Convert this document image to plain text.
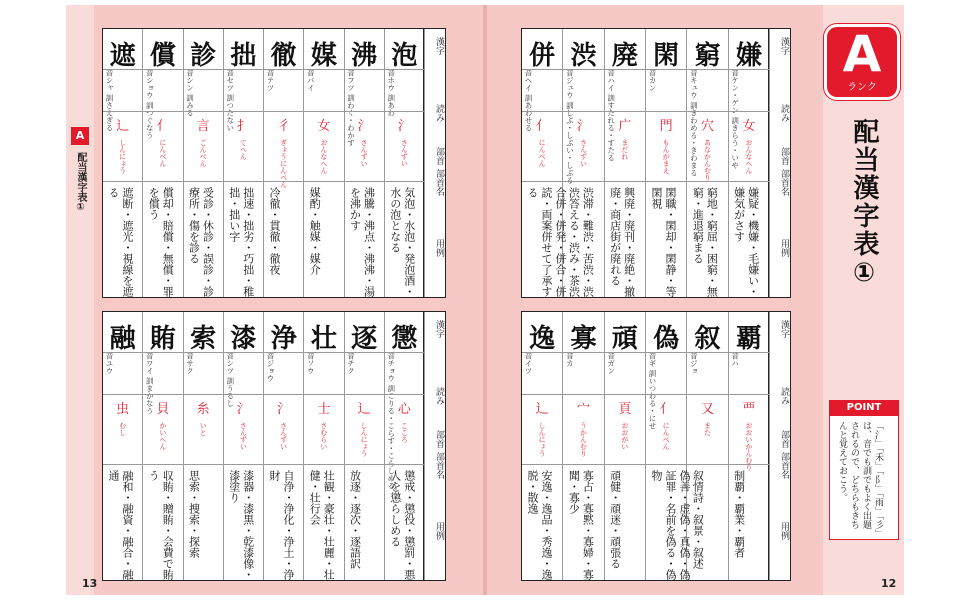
A
配当漢字表①
漢字
読み
部首
部首名
用例
泡
音ホウ 訓あわ
氵
さんずい
気泡・水泡・発泡酒・水の泡となる
沸
音フツ 訓わく・わかす 氵
さんずい
沸騰・沸点・沸沸・湯を沸かす
媒
音バイ
女
おんなへん
媒酌・触媒・媒介
徹
音テツ
彳
ぎょうにんべん
冷徹・貫徹・徹夜
拙
音セツ 訓つたない 扌
てへん
拙速・拙劣・巧拙・稚拙・拙い字
診
音シン 訓みる
言
ごんべん
受診・休診・誤診・診療所・傷を診る
償
音ショウ 訓つぐなう 亻
にんべん
償却・賠償・無償・罪を償う
遮
音シャ 訓さえぎる 辶
しんにょう
遮断・遮光・視線を遮る
漢字
読み
部首
部首名
用例
嫌
音ケン・ゲン 訓きらう・いや 女
おんなへん
嫌疑・機嫌・毛嫌い・嫌気がさす
窮
音キュウ 訓きわめる・きわまる 穴
あなかんむり
窮地・窮屈・困窮・無窮・進退窮まる
閑
音カン
門
もんがまえ
閑職・閑却・閑静・等閑視
廃
音ハイ 訓すたれる・すたる 广
まだれ
興廃・廃刊・廃絶・撤廃・商店街が廃れる
渋
音ジュウ 訓しぶ・しぶい・しぶる 氵
さんずい
渋滞・難渋・苦渋・渋渋答える・渋み・茶渋
併
音ヘイ 訓あわせる 亻
にんべん
合併・併発・併合・併読・両案併せて了承する
漢字
読み
部首
部首名
用例
懲
音チョウ 訓こりる・こらす・こらしめる 心
こころ
懲戒・懲役・懲罰・悪人を懲らしめる
逐
音チク
辶
しんにょう
放逐・逐次・逐語訳
壮
音ソウ
士
さむらい
壮観・豪壮・壮麗・壮健・壮行会
浄
音ジョウ
氵
さんずい
自浄・浄化・浄土・浄財
漆
音シツ 訓うるし
氵
さんずい
漆器・漆黒・乾漆像・漆塗り
索
音サク
糸
いと
思索・捜索・探索
賄
音ワイ 訓まかなう 貝
かいへん
収賄・贈賄・会費で賄う
融
音ユウ
虫
むし
融和・融資・融合・融通
漢字
読み
部首
部首名
用例
覇
音ハ
覀
おおいかんむり
制覇・覇業・覇者
叙
音ジョ
又
また
叙情詩・叙景・叙述
偽
音ギ 訓いつわる・にせ 亻
にんべん
偽善・虚偽・真偽・偽証罪・名前を偽る・偽物
頑
音ガン
頁
おおがい
頑健・頑迷・頑張る
寡
音カ
宀
うかんむり
寡占・寡黙・寡婦・寡聞・寡少
逸
音イツ
辶
しんにょう
安逸・逸品・秀逸・逸脱・散逸
A
ランク
配当漢字表①
POINT
「氵」「禾」「阝」「雨」「彡」は、音でも訓でもよく出題されるので、どちらもきちんと覚えておこう。
13	12
